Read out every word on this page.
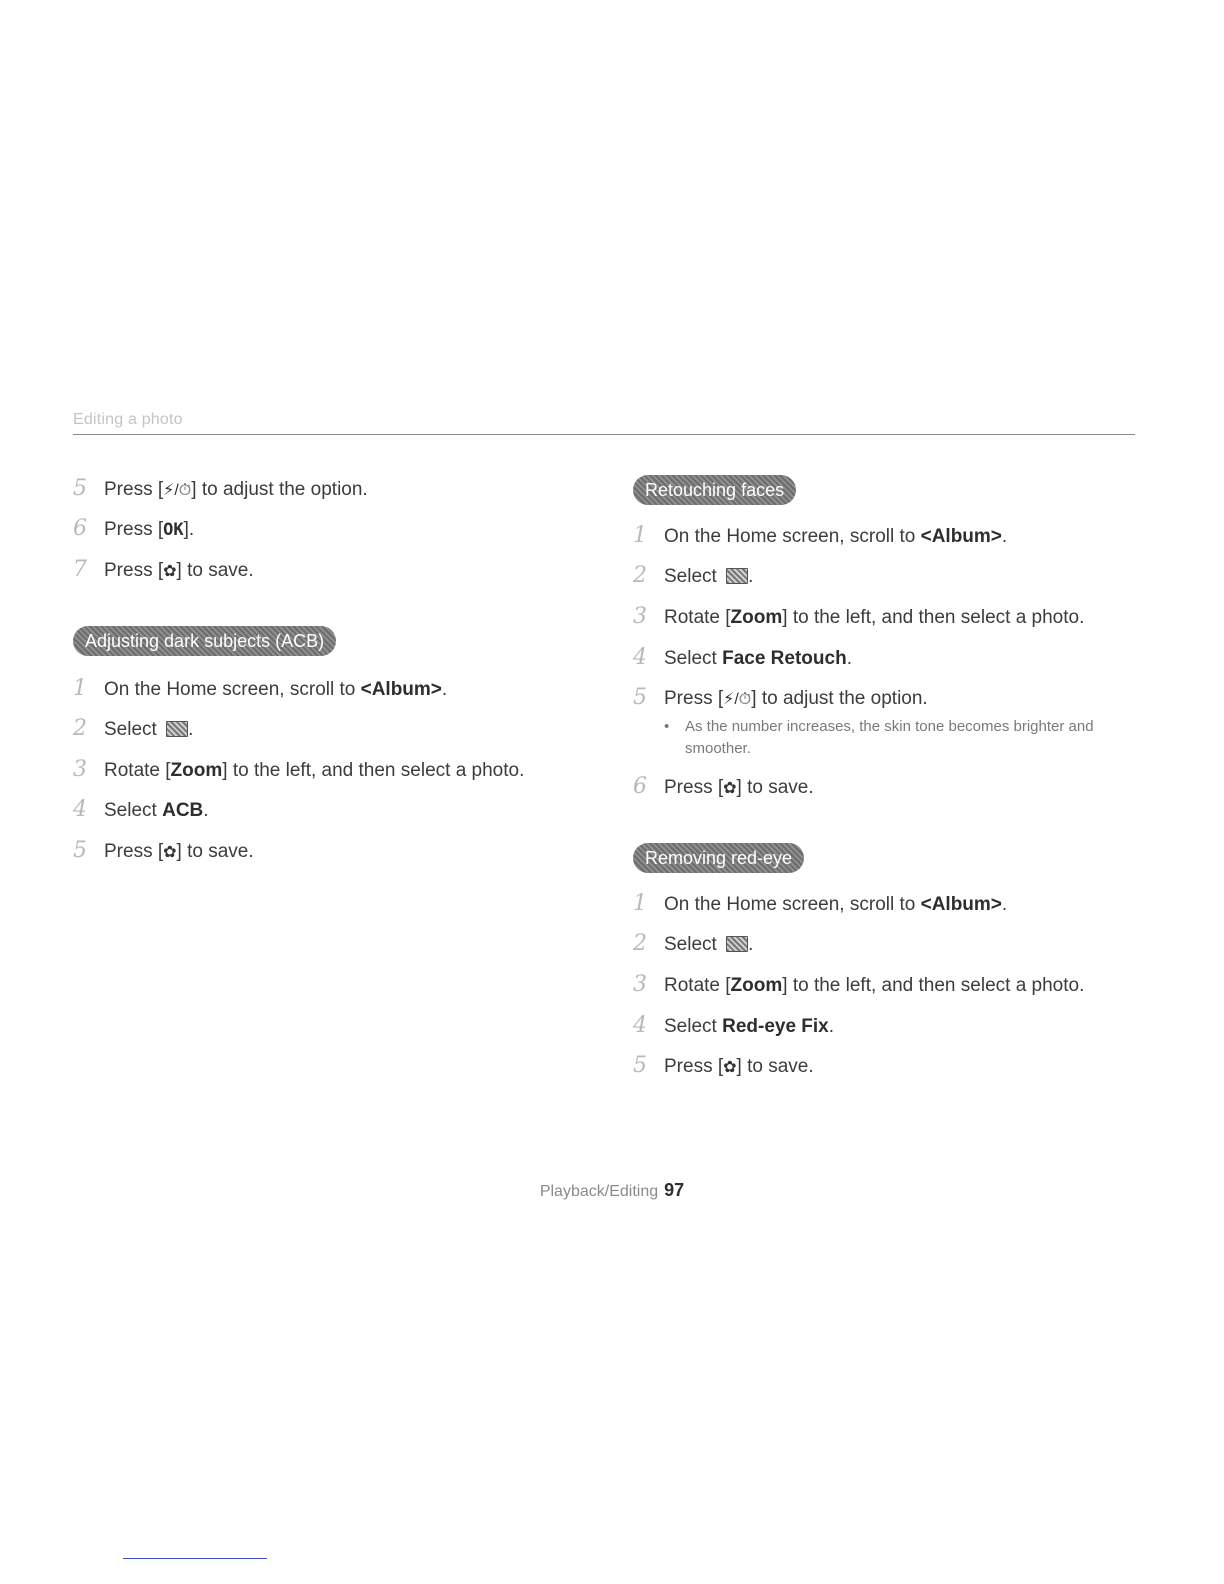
Editing a photo
5 Press [⚡/⏱] to adjust the option.
6 Press [OK].
7 Press [✿] to save.
Adjusting dark subjects (ACB)
1 On the Home screen, scroll to <Album>.
2 Select .
3 Rotate [Zoom] to the left, and then select a photo.
4 Select ACB.
5 Press [✿] to save.
Retouching faces
1 On the Home screen, scroll to <Album>.
2 Select .
3 Rotate [Zoom] to the left, and then select a photo.
4 Select Face Retouch.
5 Press [⚡/⏱] to adjust the option.
•	As the number increases, the skin tone becomes brighter and smoother.
6 Press [✿] to save.
Removing red-eye
1 On the Home screen, scroll to <Album>.
2 Select .
3 Rotate [Zoom] to the left, and then select a photo.
4 Select Red-eye Fix.
5 Press [✿] to save.
Playback/Editing 97
